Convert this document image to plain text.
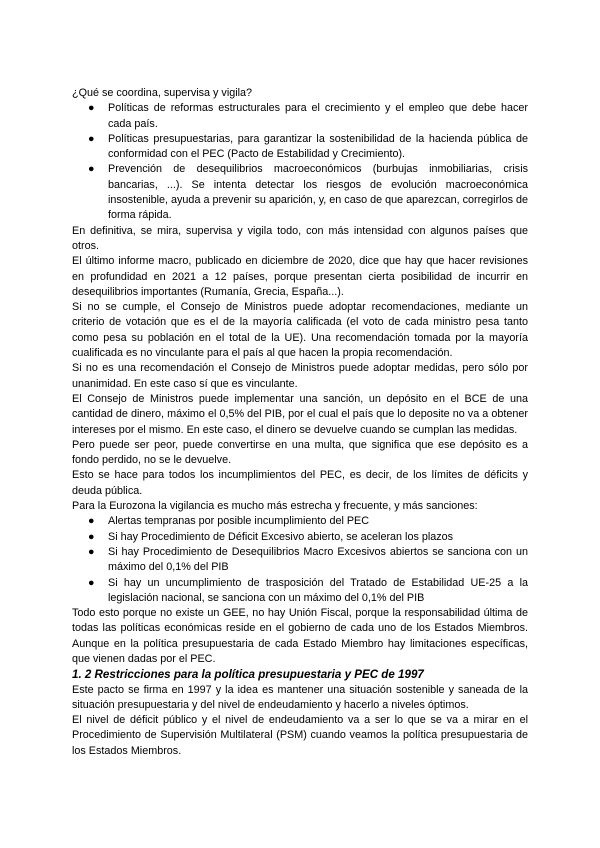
¿Qué se coordina, supervisa y vigila?

● Políticas de reformas estructurales para el crecimiento y el empleo que debe hacer cada país.
● Políticas presupuestarias, para garantizar la sostenibilidad de la hacienda pública de conformidad con el PEC (Pacto de Estabilidad y Crecimiento).
● Prevención de desequilibrios macroeconómicos (burbujas inmobiliarias, crisis bancarias, ...). Se intenta detectar los riesgos de evolución macroeconómica insostenible, ayuda a prevenir su aparición, y, en caso de que aparezcan, corregirlos de forma rápida.

En definitiva, se mira, supervisa y vigila todo, con más intensidad con algunos países que otros.

El último informe macro, publicado en diciembre de 2020, dice que hay que hacer revisiones en profundidad en 2021 a 12 países, porque presentan cierta posibilidad de incurrir en desequilibrios importantes (Rumanía, Grecia, España...).

Si no se cumple, el Consejo de Ministros puede adoptar recomendaciones, mediante un criterio de votación que es el de la mayoría calificada (el voto de cada ministro pesa tanto como pesa su población en el total de la UE). Una recomendación tomada por la mayoría cualificada es no vinculante para el país al que hacen la propia recomendación.

Si no es una recomendación el Consejo de Ministros puede adoptar medidas, pero sólo por unanimidad. En este caso sí que es vinculante.

El Consejo de Ministros puede implementar una sanción, un depósito en el BCE de una cantidad de dinero, máximo el 0,5% del PIB, por el cual el país que lo deposite no va a obtener intereses por el mismo. En este caso, el dinero se devuelve cuando se cumplan las medidas.

Pero puede ser peor, puede convertirse en una multa, que significa que ese depósito es a fondo perdido, no se le devuelve.

Esto se hace para todos los incumplimientos del PEC, es decir, de los límites de déficits y deuda pública.

Para la Eurozona la vigilancia es mucho más estrecha y frecuente, y más sanciones:

● Alertas tempranas por posible incumplimiento del PEC
● Si hay Procedimiento de Déficit Excesivo abierto, se aceleran los plazos
● Si hay Procedimiento de Desequilibrios Macro Excesivos abiertos se sanciona con un máximo del 0,1% del PIB
● Si hay un uncumplimiento de trasposición del Tratado de Estabilidad UE-25 a la legislación nacional, se sanciona con un máximo del 0,1% del PIB

Todo esto porque no existe un GEE, no hay Unión Fiscal, porque la responsabilidad última de todas las políticas económicas reside en el gobierno de cada uno de los Estados Miembros. Aunque en la política presupuestaria de cada Estado Miembro hay limitaciones específicas, que vienen dadas por el PEC.

1. 2 Restricciones para la política presupuestaria y PEC de 1997

Este pacto se firma en 1997 y la idea es mantener una situación sostenible y saneada de la situación presupuestaria y del nivel de endeudamiento y hacerlo a niveles óptimos.

El nivel de déficit público y el nivel de endeudamiento va a ser lo que se va a mirar en el Procedimiento de Supervisión Multilateral (PSM) cuando veamos la política presupuestaria de los Estados Miembros.
